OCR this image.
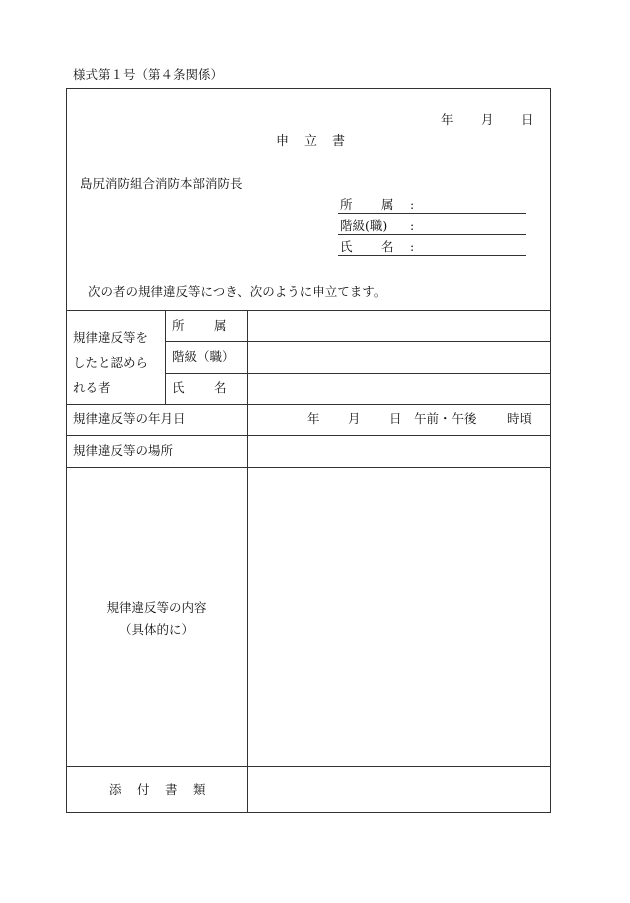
様式第１号（第４条関係）
年 月 日
申 立 書
島尻消防組合消防本部消防長
所 属 :
階級(職) :
氏 名 :
次の者の規律違反等につき、次のように申立てます。
規律違反等を
したと認めら
れる者
所 属
階級（職）
氏 名
規律違反等の年月日	年 月 日 午前・午後 時頃
規律違反等の場所
規律違反等の内容
（具体的に）
添 付 書 類
